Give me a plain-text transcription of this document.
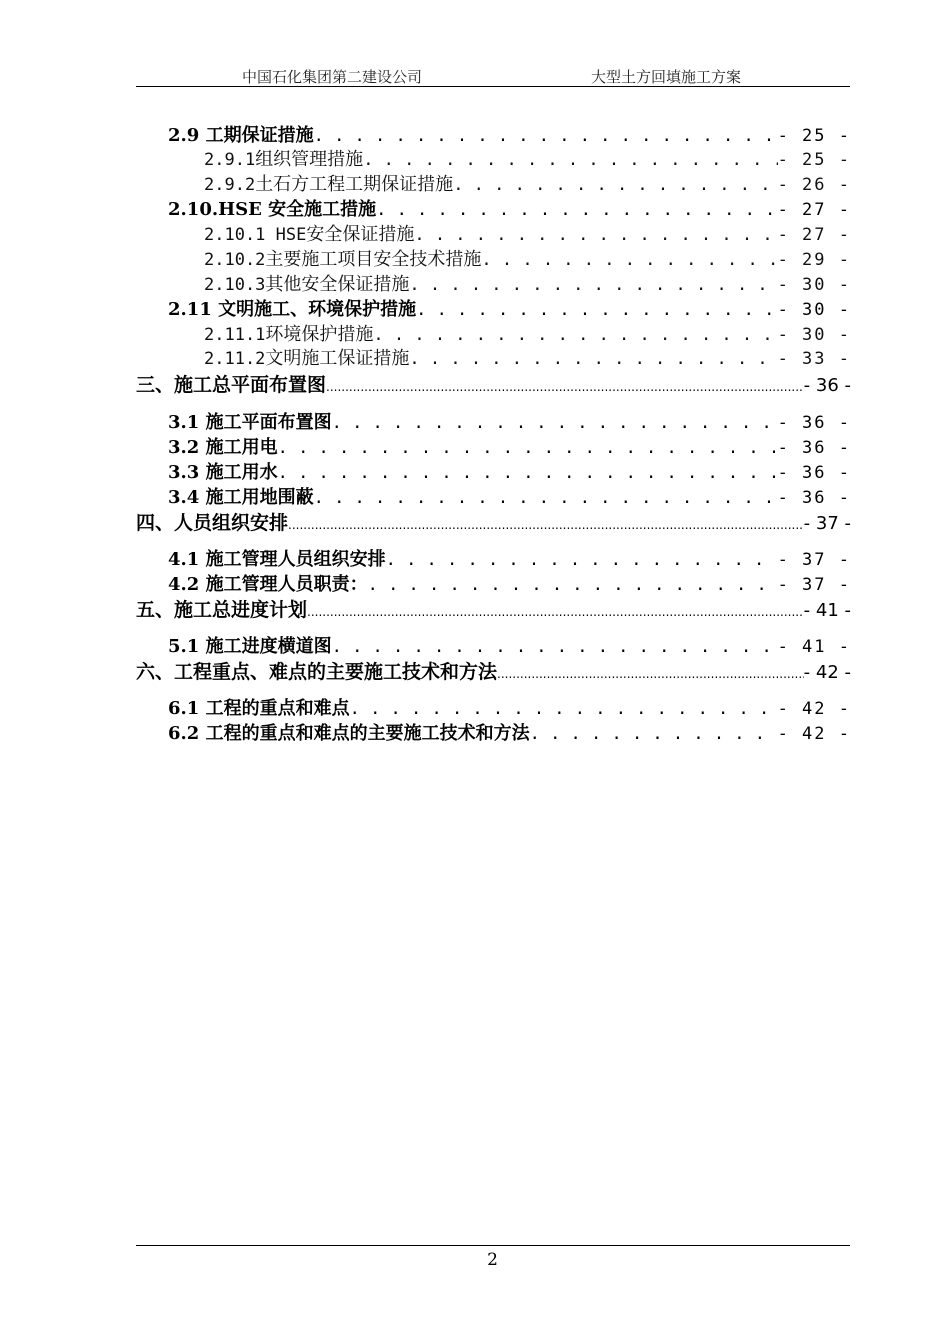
中国石化集团第二建设公司	大型土方回填施工方案
2.9 工期保证措施 . . .	- 25 -
2.9.1组织管理措施 . . .	- 25 -
2.9.2土石方工程工期保证措施 . . .	- 26 -
2.10.HSE 安全施工措施 . . .	- 27 -
2.10.1 HSE安全保证措施 . . .	- 27 -
2.10.2主要施工项目安全技术措施 . . .	- 29 -
2.10.3其他安全保证措施 . . .	- 30 -
2.11 文明施工、环境保护措施 . . .	- 30 -
2.11.1环境保护措施 . . .	- 30 -
2.11.2文明施工保证措施 . . .	- 33 -
三、施工总平面布置图 .....	- 36 -
3.1 施工平面布置图 . . .	- 36 -
3.2 施工用电 . . .	- 36 -
3.3 施工用水 . . .	- 36 -
3.4 施工用地围蔽 . . .	- 36 -
四、人员组织安排 .....	- 37 -
4.1 施工管理人员组织安排 . . .	- 37 -
4.2 施工管理人员职责： . . .	- 37 -
五、施工总进度计划 .....	- 41 -
5.1 施工进度横道图 . . .	- 41 -
六、工程重点、难点的主要施工技术和方法 .....	- 42 -
6.1 工程的重点和难点 . . .	- 42 -
6.2 工程的重点和难点的主要施工技术和方法 . . .	- 42 -
2
